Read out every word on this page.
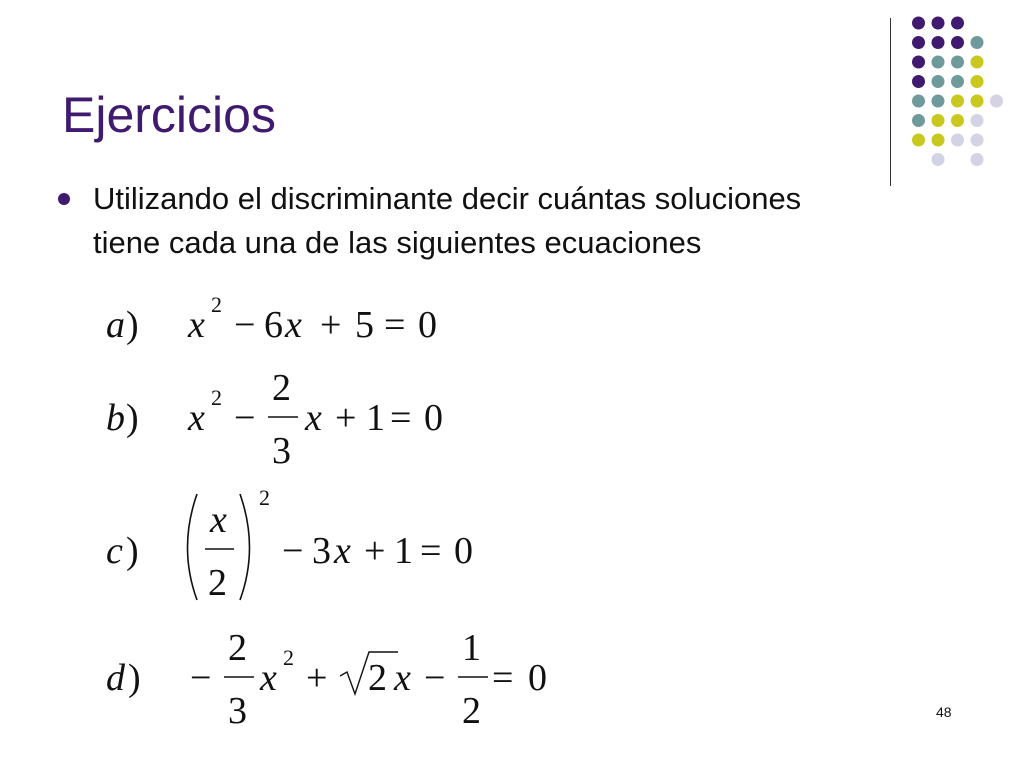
Ejercicios
Utilizando el discriminante decir cuántas soluciones
tiene cada una de las siguientes ecuaciones
a ) x 2 − 6 x + 5 = 0
b ) x 2 −
2
3
x + 1 = 0
c )
x
2
2
− 3 x + 1 = 0
d ) −
2
3
x 2 + 2 x −
1
2
= 0
48
